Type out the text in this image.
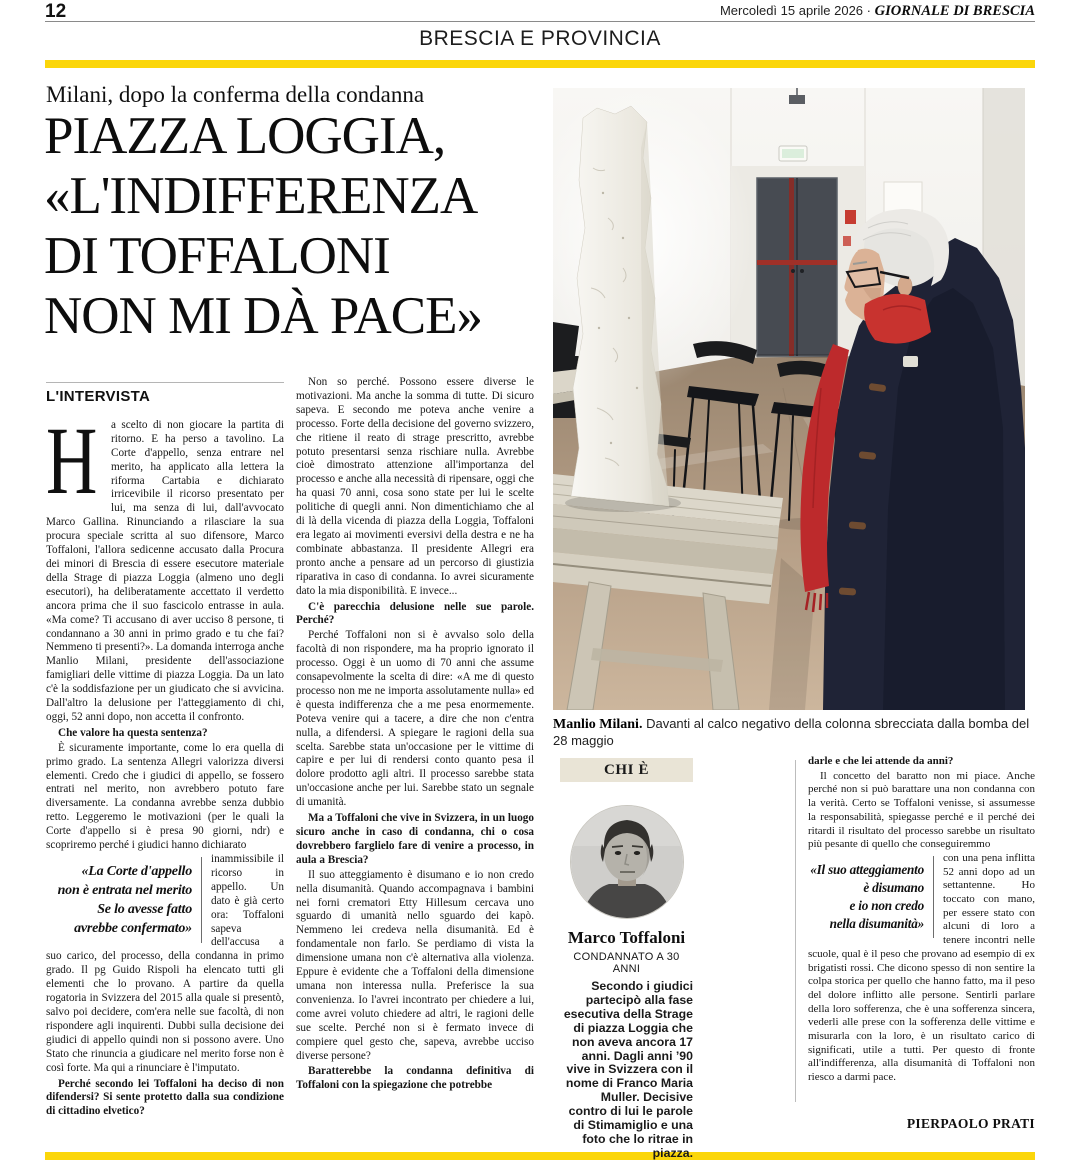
12	Mercoledì 15 aprile 2026 · GIORNALE DI BRESCIA
BRESCIA E PROVINCIA
Milani, dopo la conferma della condanna
PIAZZA LOGGIA,
«L'INDIFFERENZA
DI TOFFALONI
NON MI DÀ PACE»
L'INTERVISTA

H a scelto di non giocare la partita di ritorno. E ha perso a tavolino. La Corte d'appello, senza entrare nel merito, ha applicato alla lettera la riforma Cartabia e dichiarato irricevibile il ricorso presentato per lui, ma senza di lui, dall'avvocato Marco Gallina. Rinunciando a rilasciare la sua procura speciale scritta al suo difensore, Marco Toffaloni, l'allora sedicenne accusato dalla Procura dei minori di Brescia di essere esecutore materiale della Strage di piazza Loggia (almeno uno degli esecutori), ha deliberatamente accettato il verdetto ancora prima che il suo fascicolo entrasse in aula. «Ma come? Ti accusano di aver ucciso 8 persone, ti condannano a 30 anni in primo grado e tu che fai? Nemmeno ti presenti?». La domanda interroga anche Manlio Milani, presidente dell'associazione famigliari delle vittime di piazza Loggia. Da un lato c'è la soddisfazione per un giudicato che si avvicina. Dall'altro la delusione per l'atteggiamento di chi, oggi, 52 anni dopo, non accetta il confronto.

Che valore ha questa sentenza?

È sicuramente importante, come lo era quella di primo grado. La sentenza Allegri valorizza diversi elementi. Credo che i giudici di appello, se fossero entrati nel merito, non avrebbero potuto fare diversamente. La condanna avrebbe senza dubbio retto. Leggeremo le motivazioni (per le quali la Corte d'appello si è presa 90 giorni, ndr) e scopriremo perché i giudici hanno dichiarato

«La Corte d'appello
non è entrata nel merito
Se lo avesse fatto
avrebbe confermato»

inammissibile il ricorso in appello. Un dato è già certo ora: Toffaloni sapeva dell'accusa a suo carico, del processo, della condanna in primo grado. Il pg Guido Rispoli ha elencato tutti gli elementi che lo provano. A partire da quella rogatoria in Svizzera del 2015 alla quale si presentò, salvo poi decidere, com'era nelle sue facoltà, di non rispondere agli inquirenti. Dubbi sulla decisione dei giudici di appello quindi non si possono avere. Uno Stato che rinuncia a giudicare nel merito forse non è così forte. Ma qui a rinunciare è l'imputato.

Perché secondo lei Toffaloni ha deciso di non difendersi? Si sente protetto dalla sua condizione di cittadino elvetico?

Non so perché. Possono essere diverse le motivazioni. Ma anche la somma di tutte. Di sicuro sapeva. E secondo me poteva anche venire a processo. Forte della decisione del governo svizzero, che ritiene il reato di strage prescritto, avrebbe potuto presentarsi senza rischiare nulla. Avrebbe cioè dimostrato attenzione all'importanza del processo e anche alla necessità di ripensare, oggi che ha quasi 70 anni, cosa sono state per lui le scelte politiche di quegli anni. Non dimentichiamo che al di là della vicenda di piazza della Loggia, Toffaloni era legato ai movimenti eversivi della destra e ne ha combinate abbastanza. Il presidente Allegri era pronto anche a pensare ad un percorso di giustizia riparativa in caso di condanna. Io avrei sicuramente dato la mia disponibilità. E invece...

C'è parecchia delusione nelle sue parole. Perché?

Perché Toffaloni non si è avvalso solo della facoltà di non rispondere, ma ha proprio ignorato il processo. Oggi è un uomo di 70 anni che assume consapevolmente la scelta di dire: «A me di questo processo non me ne importa assolutamente nulla» ed è questa indifferenza che a me pesa enormemente. Poteva venire qui a tacere, a dire che non c'entra nulla, a difendersi. A spiegare le ragioni della sua scelta. Sarebbe stata un'occasione per le vittime di capire e per lui di rendersi conto quanto pesa il dolore prodotto agli altri. Il processo sarebbe stata un'occasione anche per lui. Sarebbe stato un segnale di umanità.

Ma a Toffaloni che vive in Svizzera, in un luogo sicuro anche in caso di condanna, chi o cosa dovrebbero farglielo fare di venire a processo, in aula a Brescia?

Il suo atteggiamento è disumano e io non credo nella disumanità. Quando accompagnava i bambini nei forni crematori Etty Hillesum cercava uno sguardo di umanità nello sguardo dei kapò. Nemmeno lei credeva nella disumanità. Ed è fondamentale non farlo. Se perdiamo di vista la dimensione umana non c'è alternativa alla violenza. Eppure è evidente che a Toffaloni della dimensione umana non interessa nulla. Preferisce la sua convenienza. Io l'avrei incontrato per chiedere a lui, come avrei voluto chiedere ad altri, le ragioni delle sue scelte. Perché non si è fermato invece di compiere quel gesto che, sapeva, avrebbe ucciso diverse persone?

Baratterebbe la condanna definitiva di Toffaloni con la spiegazione che potrebbe

Manlio Milani. Davanti al calco negativo della colonna sbrecciata dalla bomba del 28 maggio
CHI È
Marco Toffaloni
CONDANNATO A 30 ANNI
Secondo i giudici partecipò alla fase esecutiva della Strage di piazza Loggia che non aveva ancora 17 anni. Dagli anni ’90 vive in Svizzera con il nome di Franco Maria Muller. Decisive contro di lui le parole di Stimamiglio e una foto che lo ritrae in piazza.

darle e che lei attende da anni?

Il concetto del baratto non mi piace. Anche perché non si può barattare una non condanna con la verità. Certo se Toffaloni venisse, si assumesse la responsabilità, spiegasse perché e il perché dei ritardi il risultato del processo sarebbe un risultato più pesante di quello che conseguiremmo

«Il suo atteggiamento
è disumano
e io non credo
nella disumanità»

con una pena inflitta 52 anni dopo ad un settantenne. Ho toccato con mano, per essere stato con alcuni di loro a tenere incontri nelle scuole, qual è il peso che provano ad esempio di ex brigatisti rossi. Che dicono spesso di non sentire la colpa storica per quello che hanno fatto, ma il peso del dolore inflitto alle persone. Sentirli parlare della loro sofferenza, che è una sofferenza sincera, vederli alle prese con la sofferenza delle vittime e misurarla con la loro, è un risultato carico di significati, utile a tutti. Per questo di fronte all'indifferenza, alla disumanità di Toffaloni non riesco a darmi pace.

PIERPAOLO PRATI
